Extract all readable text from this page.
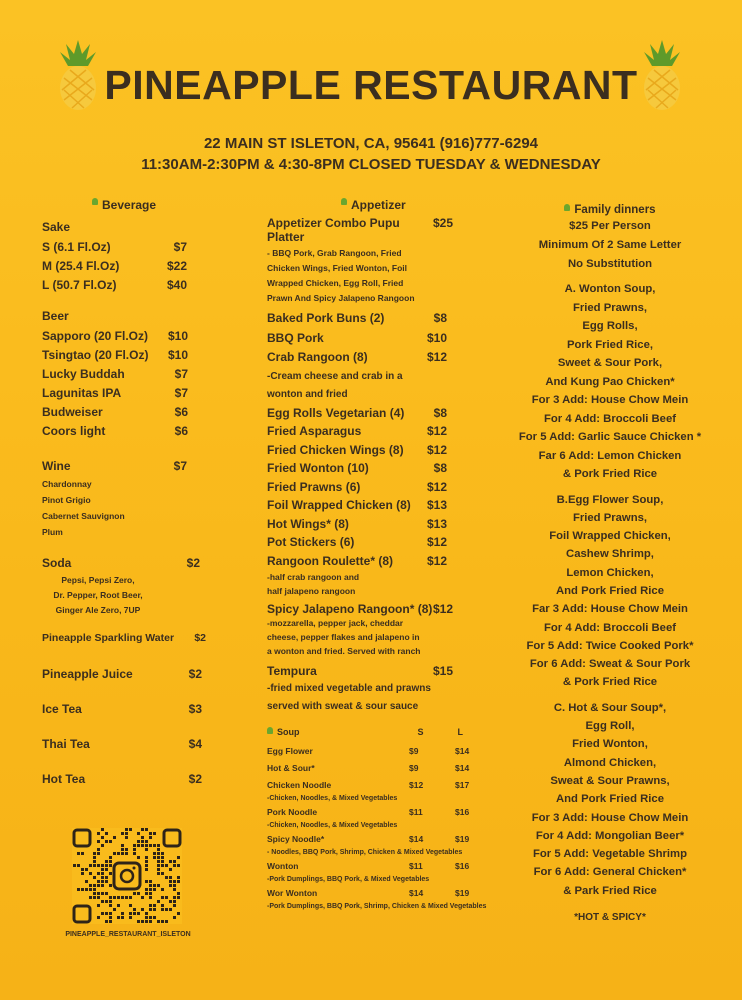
PINEAPPLE RESTAURANT
22 MAIN ST ISLETON, CA, 95641 (916)777-6294
11:30AM-2:30PM & 4:30-8PM CLOSED TUESDAY & WEDNESDAY
Beverage
Sake
S (6.1 Fl.Oz)	$7
M (25.4 Fl.Oz)	$22
L (50.7 Fl.Oz)	$40
Beer
Sapporo (20 Fl.Oz) $10
Tsingtao (20 Fl.Oz) $10
Lucky Buddah	$7
Lagunitas IPA	$7
Budweiser	$6
Coors light	$6
Wine	$7
Chardonnay
Pinot Grigio
Cabernet Sauvignon
Plum
Soda	$2
Pepsi, Pepsi Zero,
Dr. Pepper, Root Beer,
Ginger Ale Zero, 7UP
Pineapple Sparkling Water $2
Pineapple Juice	$2
Ice Tea	$3
Thai Tea	$4
Hot Tea	$2
PINEAPPLE_RESTAURANT_ISLETON
Appetizer
Appetizer Combo Pupu Platter
$25
- BBQ Pork, Grab Rangoon, Fried
Chicken Wings, Fried Wonton, Foil
Wrapped Chicken, Egg Roll, Fried
Prawn And Spicy Jalapeno Rangoon
Baked Pork Buns (2)	$8
BBQ Pork	$10
Crab Rangoon (8)	$12
-Cream cheese and crab in a
wonton and fried
Egg Rolls Vegetarian (4) $8
Fried Asparagus	$12
Fried Chicken Wings (8) $12
Fried Wonton (10)	$8
Fried Prawns (6)	$12
Foil Wrapped Chicken (8) $13
Hot Wings* (8)	$13
Pot Stickers (6)	$12
Rangoon Roulette* (8)	$12
-half crab rangoon and
half jalapeno rangoon
Spicy Jalapeno Rangoon* (8) $12
-mozzarella, pepper jack, cheddar
cheese, pepper flakes and jalapeno in
a wonton and fried. Served with ranch
Tempura	$15
-fried mixed vegetable and prawns
served with sweat & sour sauce
Soup	S	L
Egg Flower	$9	$14
Hot & Sour*	$9	$14
Chicken Noodle	$12	$17
-Chicken, Noodles, & Mixed Vegetables
Pork Noodle	$11	$16
-Chicken, Noodles, & Mixed Vegetables
Spicy Noodle*	$14	$19
- Noodles, BBQ Pork, Shrimp, Chicken & Mixed Vegetables
Wonton	$11	$16
-Pork Dumplings, BBQ Pork, & Mixed Vegetables
Wor Wonton	$14	$19
-Pork Dumplings, BBQ Pork, Shrimp, Chicken & Mixed Vegetables
Family dinners
$25 Per Person
Minimum Of 2 Same Letter
No Substitution
A. Wonton Soup,
Fried Prawns,
Egg Rolls,
Pork Fried Rice,
Sweet & Sour Pork,
And Kung Pao Chicken*
For 3 Add: House Chow Mein
For 4 Add: Broccoli Beef
For 5 Add: Garlic Sauce Chicken *
Far 6 Add: Lemon Chicken
& Pork Fried Rice
B.Egg Flower Soup,
Fried Prawns,
Foil Wrapped Chicken,
Cashew Shrimp,
Lemon Chicken,
And Pork Fried Rice
Far 3 Add: House Chow Mein
For 4 Add: Broccoli Beef
For 5 Add: Twice Cooked Pork*
For 6 Add: Sweat & Sour Pork
& Pork Fried Rice
C. Hot & Sour Soup*,
Egg Roll,
Fried Wonton,
Almond Chicken,
Sweat & Sour Prawns,
And Pork Fried Rice
For 3 Add: House Chow Mein
For 4 Add: Mongolian Beer*
For 5 Add: Vegetable Shrimp
For 6 Add: General Chicken*
& Park Fried Rice
*HOT & SPICY*
